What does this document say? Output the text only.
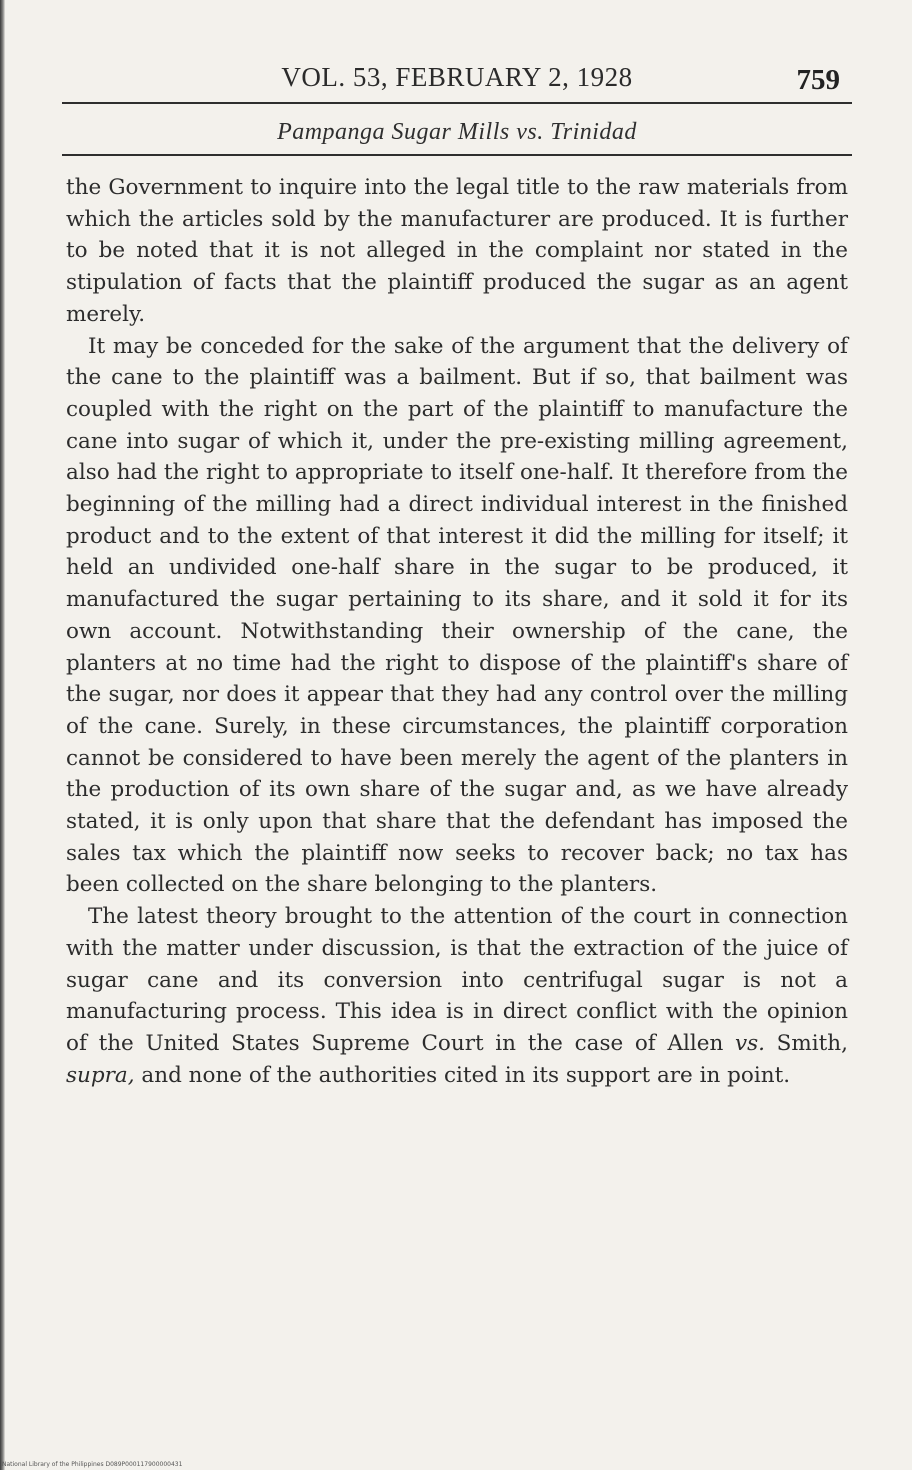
VOL. 53, FEBRUARY 2, 1928	759
Pampanga Sugar Mills vs. Trinidad

the Government to inquire into the legal title to the raw materials from which the articles sold by the manufacturer are produced. It is further to be noted that it is not alleged in the complaint nor stated in the stipulation of facts that the plaintiff produced the sugar as an agent merely.

It may be conceded for the sake of the argument that the delivery of the cane to the plaintiff was a bailment. But if so, that bailment was coupled with the right on the part of the plaintiff to manufacture the cane into sugar of which it, under the pre-existing milling agreement, also had the right to appropriate to itself one-half. It therefore from the beginning of the milling had a direct individual interest in the finished product and to the extent of that interest it did the milling for itself; it held an undivided one-half share in the sugar to be produced, it manufactured the sugar pertaining to its share, and it sold it for its own account. Notwithstanding their ownership of the cane, the planters at no time had the right to dispose of the plaintiff's share of the sugar, nor does it appear that they had any control over the milling of the cane. Surely, in these circumstances, the plaintiff corporation cannot be considered to have been merely the agent of the planters in the production of its own share of the sugar and, as we have already stated, it is only upon that share that the defendant has imposed the sales tax which the plaintiff now seeks to recover back; no tax has been collected on the share belonging to the planters.

The latest theory brought to the attention of the court in connection with the matter under discussion, is that the extraction of the juice of sugar cane and its conversion into centrifugal sugar is not a manufacturing process. This idea is in direct conflict with the opinion of the United States Supreme Court in the case of Allen vs. Smith, supra, and none of the authorities cited in its support are in point.

National Library of the Philippines D089P000117900000431
